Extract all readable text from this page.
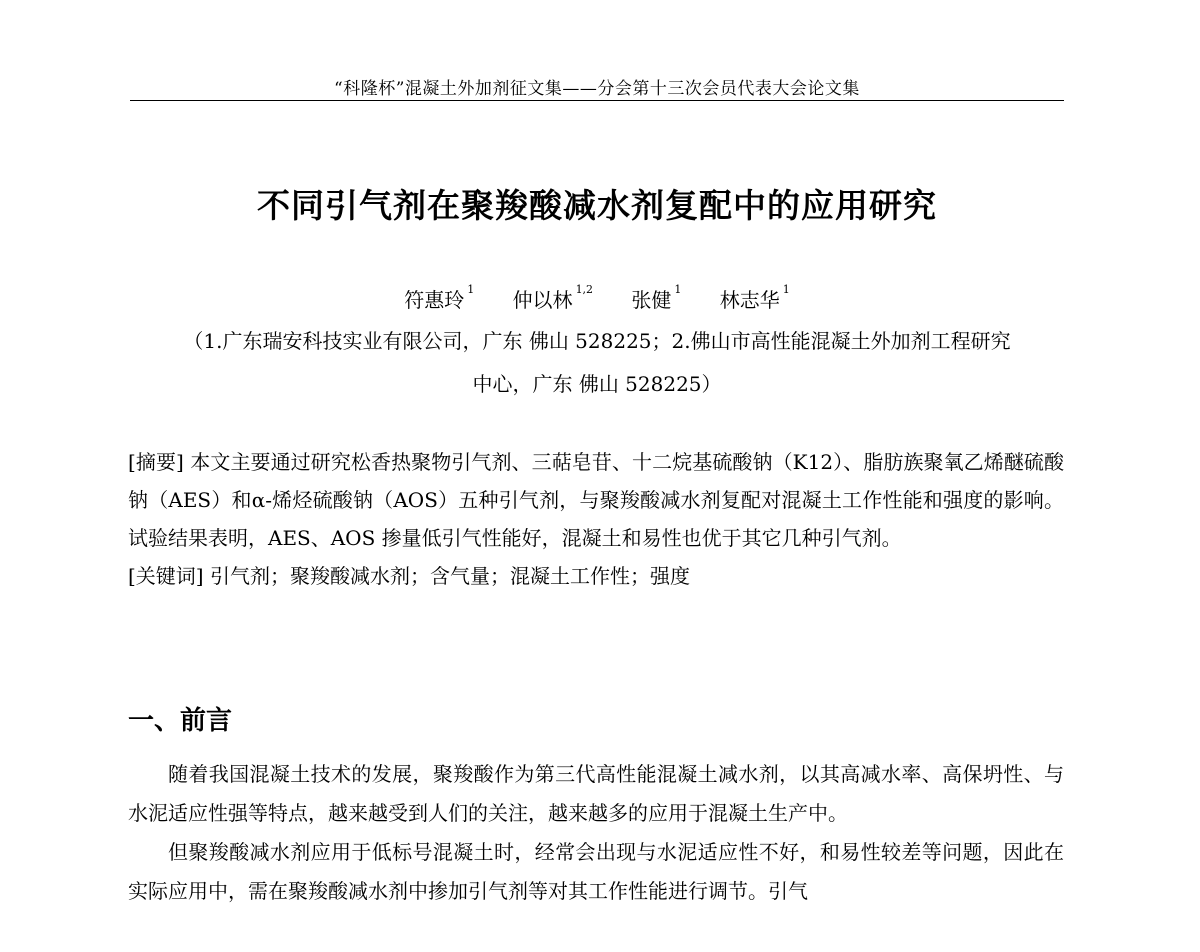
“科隆杯”混凝土外加剂征文集——分会第十三次会员代表大会论文集
不同引气剂在聚羧酸减水剂复配中的应用研究
符惠玲 $^1$ 仲以林 $^{1,2}$ 张健 $^1$ 林志华 $^1$
（1.广东瑞安科技实业有限公司，广东 佛山 528225；2.佛山市高性能混凝土外加剂工程研究
中心，广东 佛山 528225）

[摘要] 本文主要通过研究松香热聚物引气剂、三萜皂苷、十二烷基硫酸钠（K12）、脂肪族聚氧乙烯醚硫酸钠（AES）和α-烯烃硫酸钠（AOS）五种引气剂，与聚羧酸减水剂复配对混凝土工作性能和强度的影响。试验结果表明，AES、AOS 掺量低引气性能好，混凝土和易性也优于其它几种引气剂。

[关键词] 引气剂；聚羧酸减水剂；含气量；混凝土工作性；强度

一、前言

随着我国混凝土技术的发展，聚羧酸作为第三代高性能混凝土减水剂，以其高减水率、高保坍性、与水泥适应性强等特点，越来越受到人们的关注，越来越多的应用于混凝土生产中。

但聚羧酸减水剂应用于低标号混凝土时，经常会出现与水泥适应性不好，和易性较差等问题，因此在实际应用中，需在聚羧酸减水剂中掺加引气剂等对其工作性能进行调节。引气
